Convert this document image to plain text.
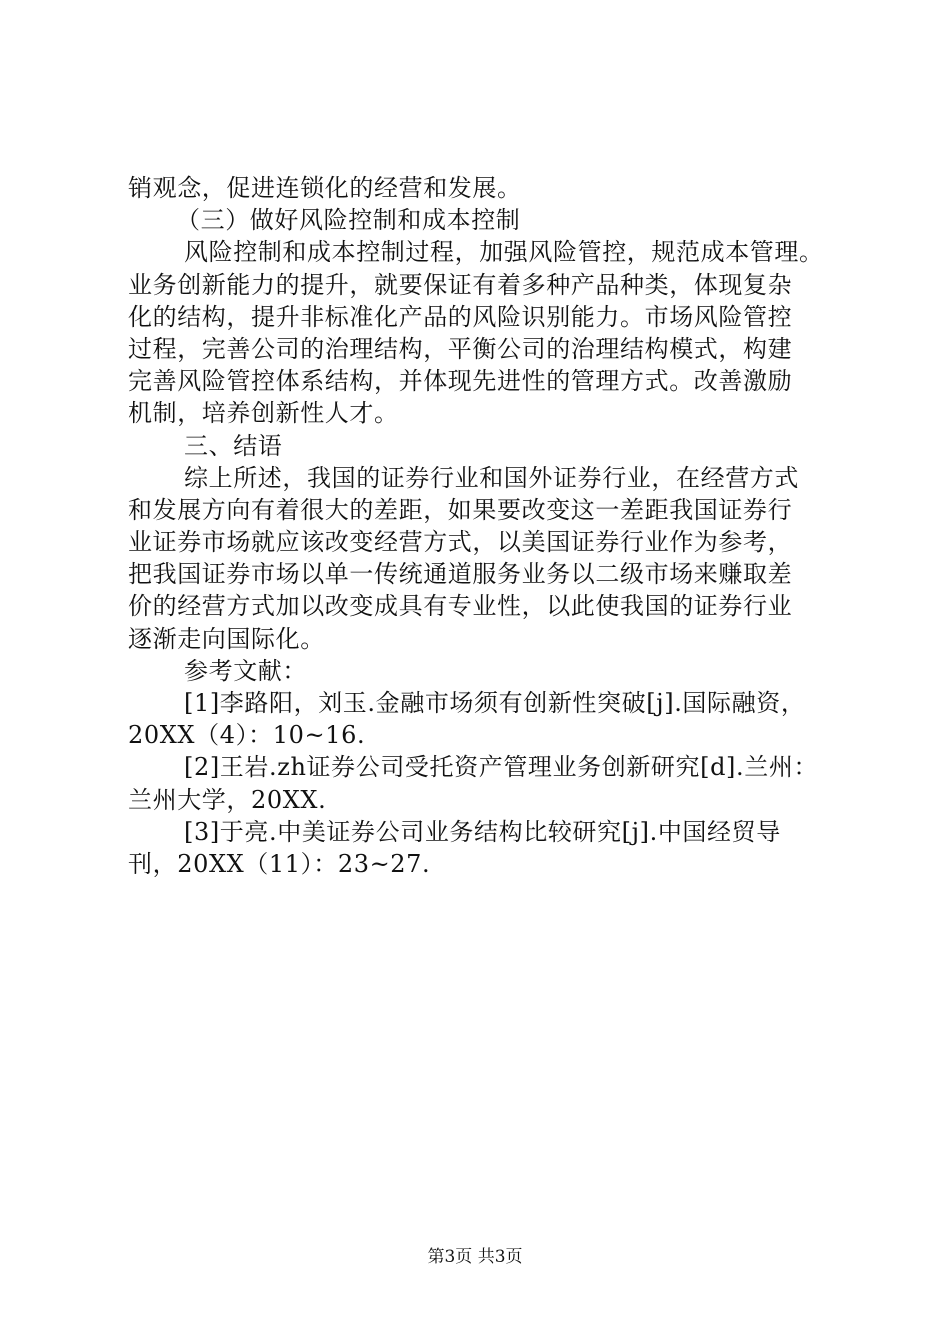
销观念，促进连锁化的经营和发展。
（三）做好风险控制和成本控制
风险控制和成本控制过程，加强风险管控，规范成本管理。
业务创新能力的提升，就要保证有着多种产品种类，体现复杂
化的结构，提升非标准化产品的风险识别能力。市场风险管控
过程，完善公司的治理结构，平衡公司的治理结构模式，构建
完善风险管控体系结构，并体现先进性的管理方式。改善激励
机制，培养创新性人才。
三、结语
综上所述，我国的证券行业和国外证券行业，在经营方式
和发展方向有着很大的差距，如果要改变这一差距我国证券行
业证券市场就应该改变经营方式，以美国证券行业作为参考，
把我国证券市场以单一传统通道服务业务以二级市场来赚取差
价的经营方式加以改变成具有专业性，以此使我国的证券行业
逐渐走向国际化。
参考文献：
[1]李路阳，刘玉.金融市场须有创新性突破[j].国际融资，
20XX（4）：10~16.
[2]王岩.zh证券公司受托资产管理业务创新研究[d].兰州：
兰州大学，20XX.
[3]于亮.中美证券公司业务结构比较研究[j].中国经贸导
刊，20XX（11）：23~27.
第3页 共3页
